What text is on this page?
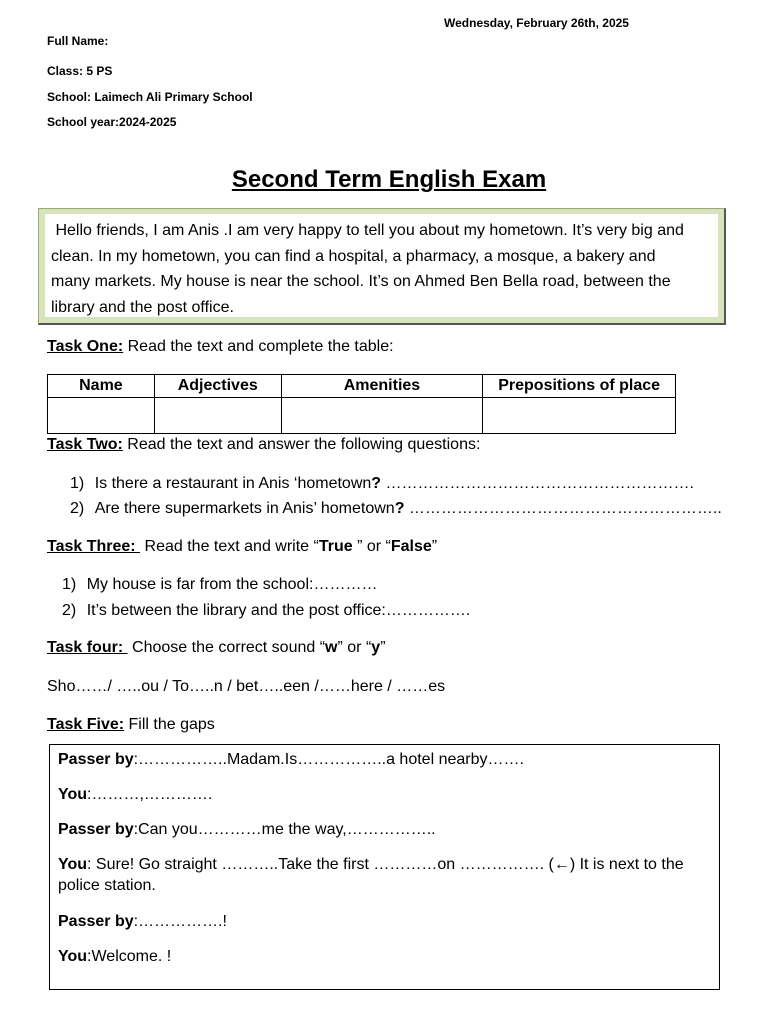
Wednesday, February 26th, 2025
Full Name:
Class: 5 PS
School: Laimech Ali Primary School
School year:2024-2025
Second Term English Exam
Hello friends, I am Anis .I am very happy to tell you about my hometown. It’s very big and
clean. In my hometown, you can find a hospital, a pharmacy, a mosque, a bakery and
many markets. My house is near the school. It’s on Ahmed Ben Bella road, between the
library and the post office.
Task One: Read the text and complete the table:
Name	Adjectives	Amenities	Prepositions of place

Task Two: Read the text and answer the following questions:
1) Is there a restaurant in Anis ‘hometown? ………………………………………………….
2) Are there supermarkets in Anis’ hometown? …………………………………………………..
Task Three:  Read the text and write “True ” or “False”
1) My house is far from the school:…………
2) It’s between the library and the post office:…………….
Task four:  Choose the correct sound “w” or “y”
Sho……/ …..ou / To…..n / bet…..een /……here / ……es
Task Five: Fill the gaps
Passer by:……………..Madam.Is……………..a hotel nearby…….
You:………,………….
Passer by:Can you…………me the way,……………..
You: Sure! Go straight ………..Take the first …………on ……………. (←) It is next to the
police station.
Passer by:…………….!
You:Welcome. !
